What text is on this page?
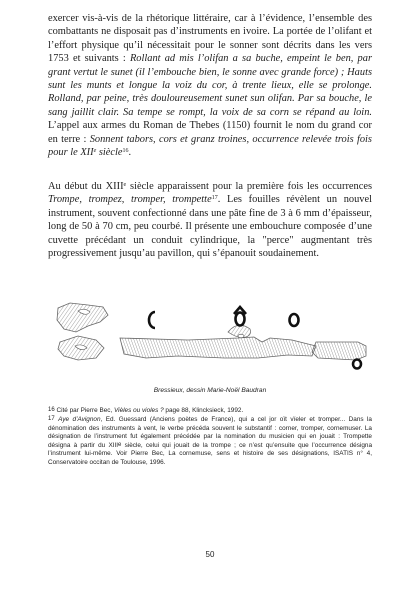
exercer vis-à-vis de la rhétorique littéraire, car à l’évidence, l’ensemble des combattants ne disposait pas d’instruments en ivoire. La portée de l’olifant et l’effort physique qu’il nécessitait pour le sonner sont décrits dans les vers 1753 et suivants : Rollant ad mis l’olifan a sa buche, empeint le ben, par grant vertut le sunet (il l’embouche bien, le sonne avec grande force) ; Hauts sunt les munts et longue la voiz du cor, à trente lieux, elle se prolonge. Rolland, par peine, très douloureusement sunet sun olifan. Par sa bouche, le sang jaillit clair. Sa tempe se rompt, la voix de sa corn se répand au loin. L’appel aux armes du Roman de Thebes (1150) fournit le nom du grand cor en terre : Sonnent tabors, cors et granz troines, occurrence relevée trois fois pour le XIIe siècle$^{16}$.

Au début du XIIIe siècle apparaissent pour la première fois les occurrences Trompe, trompez, tromper, trompette$^{17}$. Les fouilles révèlent un nouvel instrument, souvent confectionné dans une pâte fine de 3 à 6 mm d’épaisseur, long de 50 à 70 cm, peu courbé. Il présente une embouchure composée d’une cuvette précédant un conduit cylindrique, la "perce" augmentant très progressivement jusqu’au pavillon, qui s’épanouit soudainement.

Bressieux, dessin Marie-Noël Baudran

$^{16}$ Cité par Pierre Bec, Vièles ou violes ? page 88, Klincksieck, 1992.

$^{17}$ Aye d’Avignon, Ed. Guessard (Anciens poètes de France), qui a cel jor oït vïeler et tromper... Dans la dénomination des instruments à vent, le verbe précéda souvent le substantif : corner, tromper, cornemuser. La désignation de l’instrument fut également précédée par la nomination du musicien qui en jouait : Trompette désigna à partir du XIIIe siècle, celui qui jouait de la trompe ; ce n’est qu’ensuite que l’occurrence désigna l’instrument lui-même. Voir Pierre Bec, La cornemuse, sens et histoire de ses désignations, ISATIS n° 4, Conservatoire occitan de Toulouse, 1996.

50
